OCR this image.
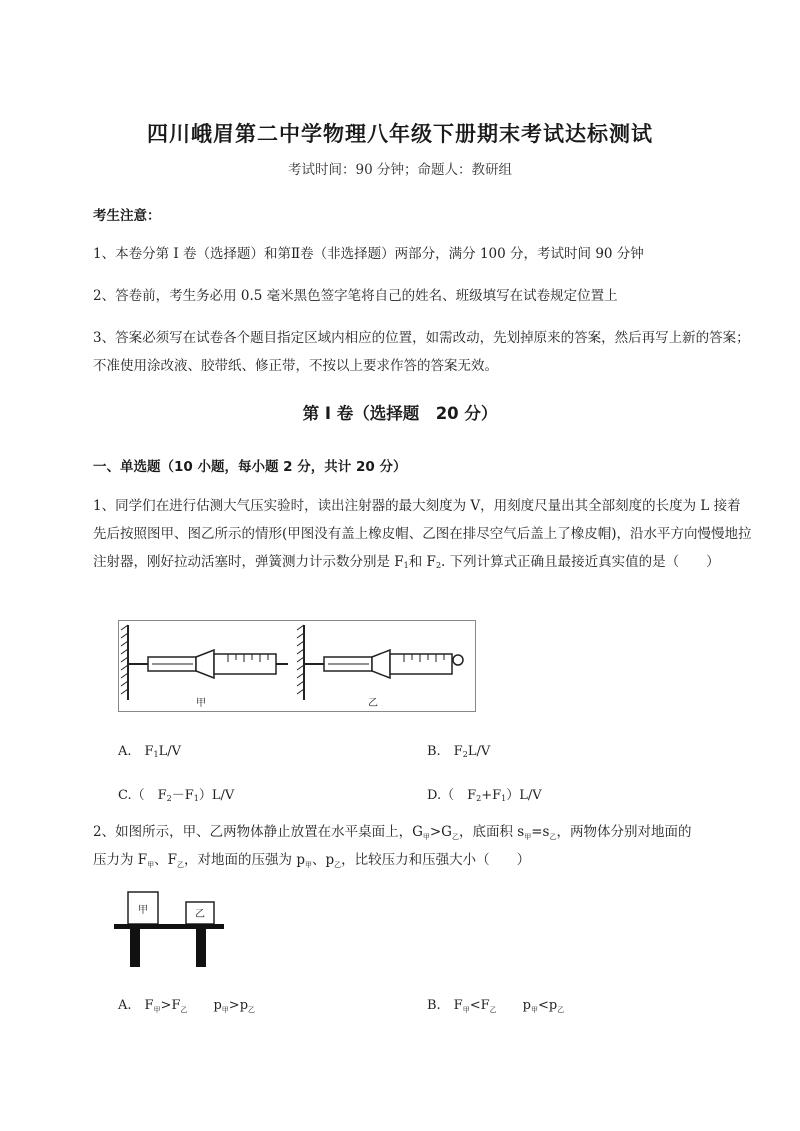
四川峨眉第二中学物理八年级下册期末考试达标测试
考试时间：90 分钟；命题人：教研组
考生注意：
1、本卷分第 I 卷（选择题）和第Ⅱ卷（非选择题）两部分，满分 100 分，考试时间 90 分钟
2、答卷前，考生务必用 0.5 毫米黑色签字笔将自己的姓名、班级填写在试卷规定位置上
3、答案必须写在试卷各个题目指定区域内相应的位置，如需改动，先划掉原来的答案，然后再写上新的答案；不准使用涂改液、胶带纸、修正带，不按以上要求作答的答案无效。
第 I 卷（选择题　20 分）
一、单选题（10 小题，每小题 2 分，共计 20 分）
1、同学们在进行估测大气压实验时，读出注射器的最大刻度为 V，用刻度尺量出其全部刻度的长度为 L 接着先后按照图甲、图乙所示的情形(甲图没有盖上橡皮帽、乙图在排尽空气后盖上了橡皮帽)，沿水平方向慢慢地拉注射器，刚好拉动活塞时，弹簧测力计示数分别是 $F_1$和 $F_2$. 下列计算式正确且最接近真实值的是（　　）
甲	乙
A.　$F_1L/V$	B.　$F_2L/V$
C.（　$F_2-F_1)L/V$	D.（　$F_2+F_1)L/V$
2、如图所示，甲、乙两物体静止放置在水平桌面上，$G_甲>G_乙$，底面积 $s_甲=s_乙$，两物体分别对地面的
压力为 $F_甲$、$F_乙$，对地面的压强为 $p_甲$、$p_乙$，比较压力和压强大小（　　）
甲	乙
A.　$F_甲>F_乙$　　$p_甲>p_乙$	B.　$F_甲<F_乙$　　$p_甲<p_乙$
